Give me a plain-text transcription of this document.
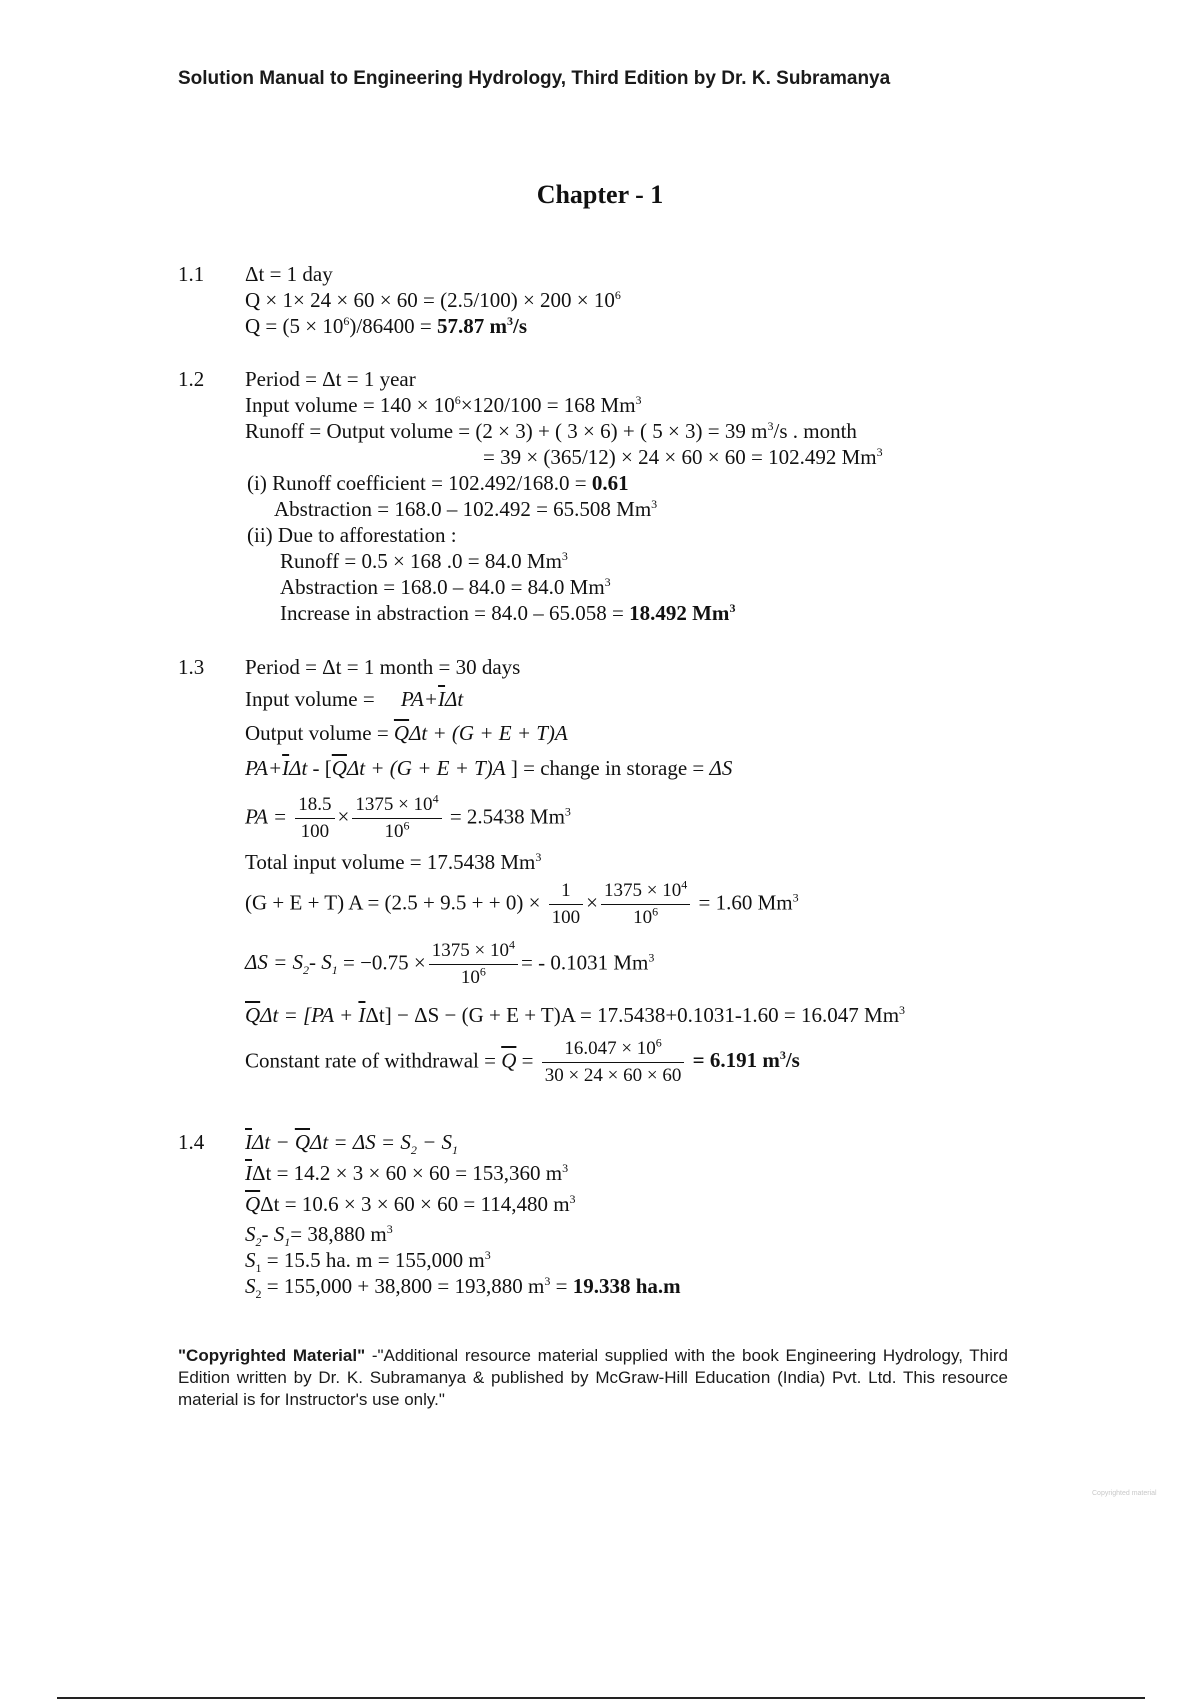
Solution Manual to Engineering Hydrology, Third Edition by Dr. K. Subramanya
Chapter - 1
1.1 Δt = 1 day
$Q \times 1\times 24 \times 60 \times 60 = (2.5/100) \times 200 \times 10^6$
$Q = (5 \times 10^6)/86400 = 57.87$ $m^3/s$
1.2 Period = Δt = 1 year
Input volume = $140 \times 10^6\times 120/100 = 168$ Mm$^3$
Runoff = Output volume = (2 × 3) + ( 3 × 6) + ( 5 × 3) = 39 $m^3/s$ . month
= 39 × (365/12) × 24 × 60 × 60 = 102.492 Mm$^3$
(i) Runoff coefficient = 102.492/168.0 = 0.61
Abstraction = 168.0 – 102.492 = 65.508 Mm$^3$
(ii) Due to afforestation :
Runoff = 0.5 × 168 .0 = 84.0 Mm$^3$
Abstraction = 168.0 – 84.0 = 84.0 Mm$^3$
Increase in abstraction = 84.0 – 65.058 = 18.492 Mm$^3$
1.3 Period = Δt = 1 month = 30 days
Input volume =     $PA+\overline{I}\Delta t$
Output volume = $\overline{Q}\Delta t + (G + E + T)A$
$PA+\overline{I}\Delta t - [\overline{Q}\Delta t + (G + E + T)A$ ] = change in storage = ΔS
PA = $\frac{18.5}{100} \times \frac{1375 \times 10^4}{10^6} = 2.5438$ Mm$^3$
Total input volume = 17.5438 Mm$^3$
(G + E + T) A = (2.5 + 9.5 + + $0) \times \frac{1}{100} \times \frac{1375 \times 10^4}{10^6} = 1.60$ Mm$^3$
$\Delta S = S_2-$ $S_1 = -0.75 \times \frac{1375 \times 10^4}{10^6}$ = - 0.1031 Mm$^3$
$\overline{Q}\Delta t = [PA + \overline{I}\Delta t] - \Delta S - (G + E + T)A = 17.5438+0.1031-1.60 = 16.047$ Mm$^3$
Constant rate of withdrawal = $\overline{Q} = \frac{16.047 \times 10^6}{30 \times 24 \times 60 \times 60} = 6.191$ $m^3/s$
1.4 $\overline{I}\Delta t - \overline{Q}\Delta t = \Delta S = S_2 - S_1$
$\overline{I}\Delta t = 14.2 \times 3 \times 60 \times 60 = 153,360$ $m^3$
$\overline{Q}\Delta t = 10.6 \times 3 \times 60 \times 60 = 114,480$ $m^3$
$S_2-$ $S_1= 38,880$ $m^3$
$S_1 = 15.5$ ha. m = 155,000 $m^3$
$S_2 = 155,000 + 38,800 = 193,880$ $m^3 = 19.338$ ha.m
"Copyrighted Material" -"Additional resource material supplied with the book Engineering Hydrology, Third Edition written by Dr. K. Subramanya & published by McGraw-Hill Education (India) Pvt. Ltd. This resource material is for Instructor's use only."
Copyrighted material
